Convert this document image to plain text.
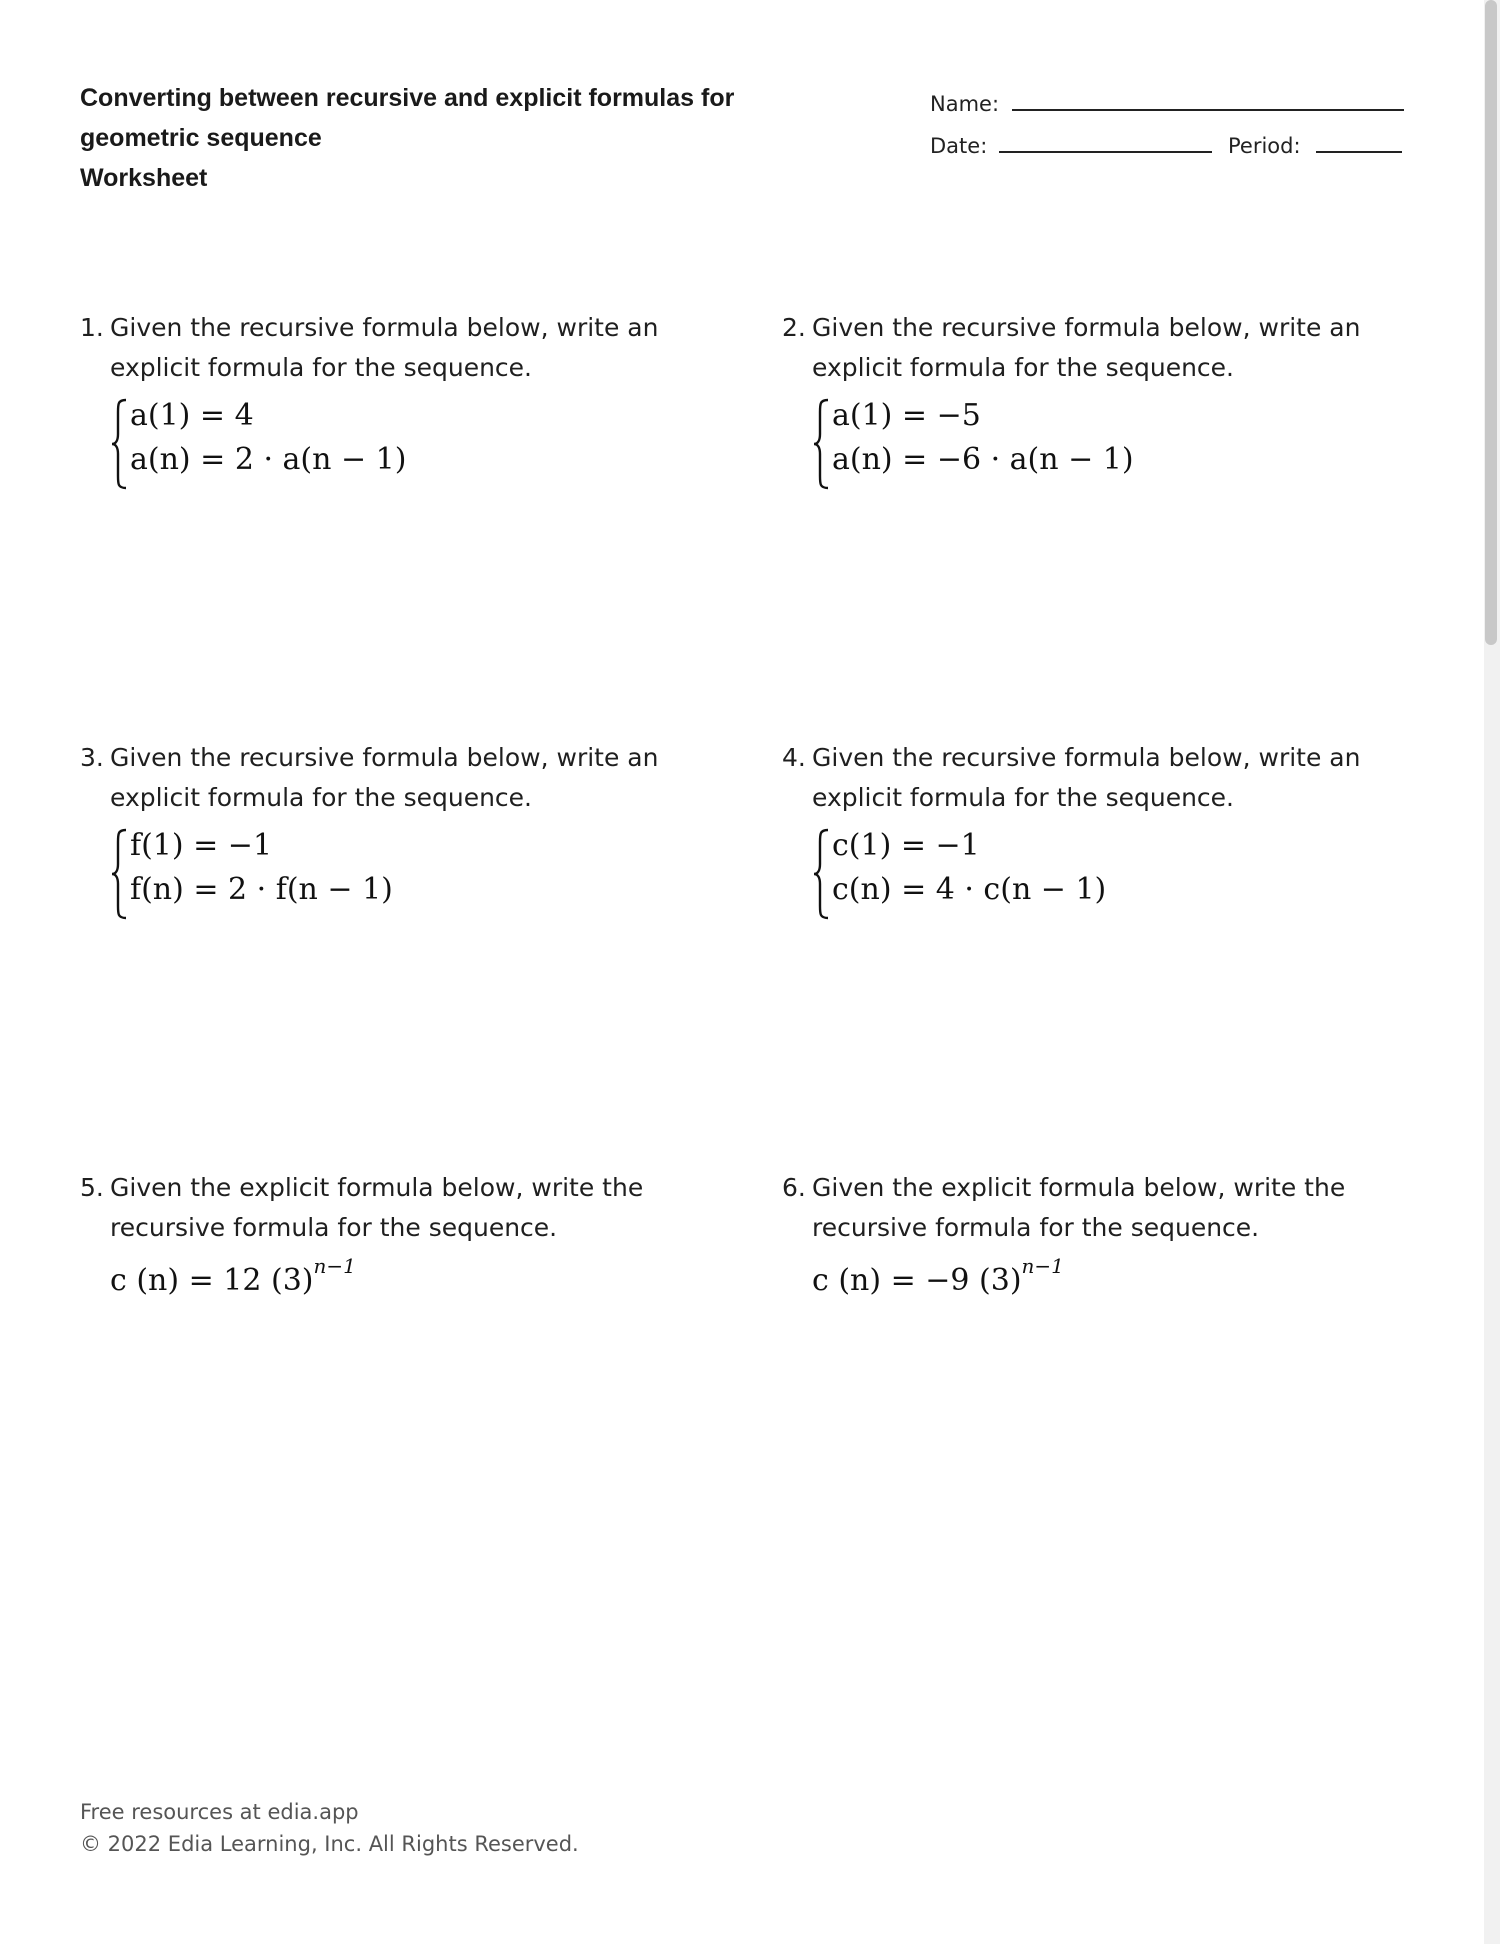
Converting between recursive and explicit formulas for
geometric sequence
Worksheet
Name:
Date:	Period:
1. Given the recursive formula below, write an explicit formula for the sequence.
a(1) = 4
a(n) = 2 · a(n − 1)
2. Given the recursive formula below, write an explicit formula for the sequence.
a(1) = −5
a(n) = −6 · a(n − 1)
3. Given the recursive formula below, write an explicit formula for the sequence.
f(1) = −1
f(n) = 2 · f(n − 1)
4. Given the recursive formula below, write an explicit formula for the sequence.
c(1) = −1
c(n) = 4 · c(n − 1)
5. Given the explicit formula below, write the recursive formula for the sequence.
c (n) = 12 $(3)^{n-1}$
6. Given the explicit formula below, write the recursive formula for the sequence.
c (n) = −9 $(3)^{n-1}$
Free resources at edia.app
© 2022 Edia Learning, Inc. All Rights Reserved.
